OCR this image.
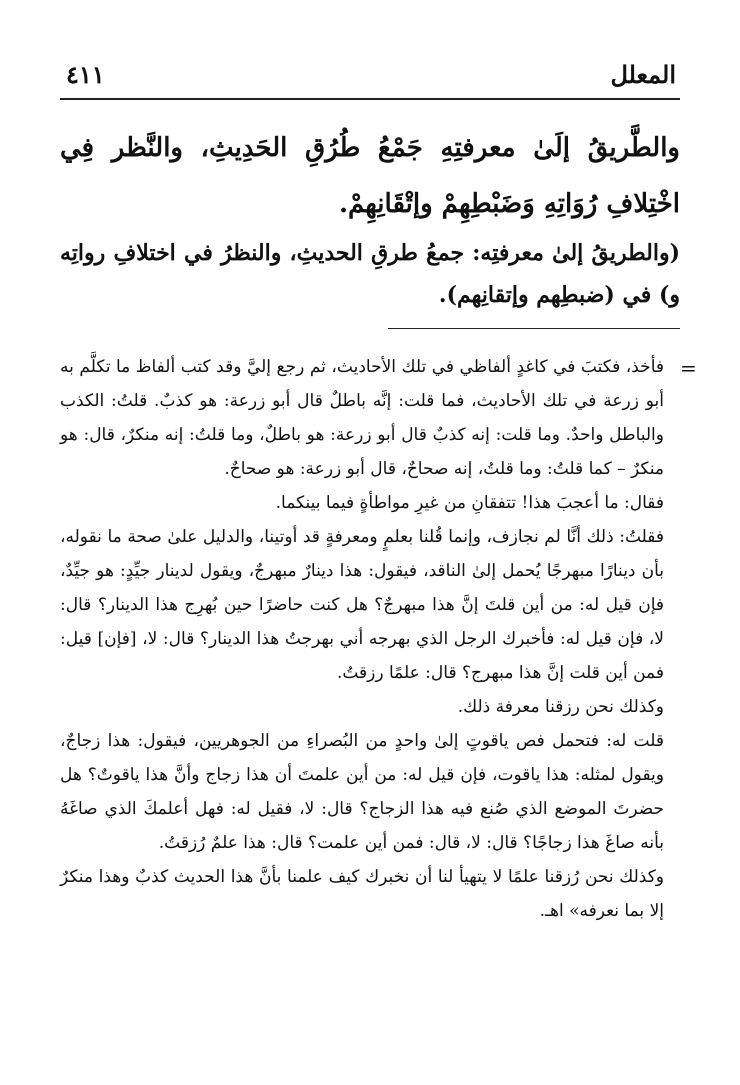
المعلل
٤١١
والطَّريقُ إلَىٰ معرفتِهِ جَمْعُ طُرُقِ الحَدِيثِ، والنَّظر فِي اخْتِلافِ رُوَاتِهِ وَضَبْطِهِمْ وإتْقَانِهِمْ.
(والطريقُ إلىٰ معرفتِه: جمعُ طرقِ الحديثِ، والنظرُ في اختلافِ رواتِه و) في (ضبطِهم وإتقانِهم).
=

فأخذ، فكتبَ في كاغدٍ ألفاظي في تلك الأحاديث، ثم رجع إليَّ وقد كتب ألفاظ ما تكلَّم به أبو زرعة في تلك الأحاديث، فما قلت: إنَّه باطلٌ قال أبو زرعة: هو كذبٌ. قلتُ: الكذب والباطل واحدٌ. وما قلت: إنه كذبٌ قال أبو زرعة: هو باطلٌ، وما قلتُ: إنه منكرٌ، قال: هو منكرٌ – كما قلتُ: وما قلتُ، إنه صحاحٌ، قال أبو زرعة: هو صحاحٌ.

فقال: ما أعجبَ هذا! تتفقانِ من غيرِ مواطأةٍ فيما بينكما.

فقلتُ: ذلك أنَّا لم نجازف، وإنما قُلنا بعلمٍ ومعرفةٍ قد أوتينا، والدليل علىٰ صحة ما نقوله، بأن دينارًا مبهرجًا يُحمل إلىٰ الناقد، فيقول: هذا دينارٌ مبهرجٌ، ويقول لدينار جيِّدٍ: هو جيِّدٌ، فإن قيل له: من أين قلتَ إنَّ هذا مبهرجٌ؟ هل كنت حاضرًا حين بُهرِج هذا الدينار؟ قال: لا، فإن قيل له: فأخبرك الرجل الذي بهرجه أني بهرجتُ هذا الدينار؟ قال: لا، [فإن] قيل: فمن أين قلت إنَّ هذا مبهرج؟ قال: علمًا رزقتُ.

وكذلك نحن رزقنا معرفة ذلك.

قلت له: فتحمل فص ياقوتٍ إلىٰ واحدٍ من البُصراءِ من الجوهريين، فيقول: هذا زجاجٌ، ويقول لمثله: هذا ياقوت، فإن قيل له: من أين علمتَ أن هذا زجاج وأنَّ هذا ياقوتٌ؟ هل حضرتَ الموضع الذي صُنع فيه هذا الزجاج؟ قال: لا، فقيل له: فهل أعلمكَ الذي صاغَهُ بأنه صاغَ هذا زجاجًا؟ قال: لا، قال: فمن أين علمت؟ قال: هذا علمٌ رُزقتُ.

وكذلك نحن رُزقنا علمًا لا يتهيأ لنا أن نخبرك كيف علمنا بأنَّ هذا الحديث كذبٌ وهذا منكرٌ إلا بما نعرفه» اهـ.
